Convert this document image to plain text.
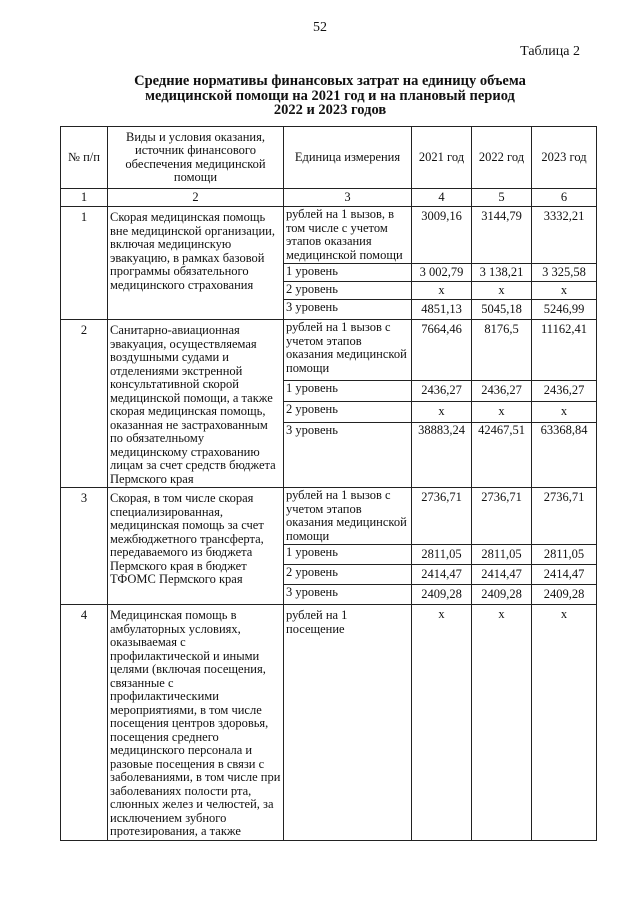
52
Таблица 2
Средние нормативы финансовых затрат на единицу объема
медицинской помощи на 2021 год и на плановый период
2022 и 2023 годов
№ п/п	Виды и условия оказания, источник финансового обеспечения медицинской помощи	Единица измерения	2021 год	2022 год	2023 год
1	2	3	4	5	6
1	Скорая медицинская помощь вне медицинской организации, включая медицинскую эвакуацию, в рамках базовой программы обязательного медицинского страхования	рублей на 1 вызов, в том числе с учетом этапов оказания медицинской помощи	3009,16	3144,79	3332,21
		1 уровень	3 002,79	3 138,21	3 325,58
		2 уровень	х	х	х
		3 уровень	4851,13	5045,18	5246,99
2	Санитарно-авиационная эвакуация, осуществляемая воздушными судами и отделениями экстренной консультативной скорой медицинской помощи, а также скорая медицинская помощь, оказанная не застрахованным по обязателньому медицинскому страхованию лицам за счет средств бюджета Пермского края	рублей на 1 вызов с учетом этапов оказания медицинской помощи	7664,46	8176,5	11162,41
		1 уровень	2436,27	2436,27	2436,27
		2 уровень	х	х	х
		3 уровень	38883,24	42467,51	63368,84
3	Скорая, в том числе скорая специализированная, медицинская помощь за счет межбюджетного трансферта, передаваемого из бюджета Пермского края в бюджет ТФОМС Пермского края	рублей на 1 вызов с учетом этапов оказания медицинской помощи	2736,71	2736,71	2736,71
		1 уровень	2811,05	2811,05	2811,05
		2 уровень	2414,47	2414,47	2414,47
		3 уровень	2409,28	2409,28	2409,28
4	Медицинская помощь в амбулаторных условиях, оказываемая с профилактической и иными целями (включая посещения, связанные с профилактическими мероприятиями, в том числе посещения центров здоровья, посещения среднего медицинского персонала и разовые посещения в связи с заболеваниями, в том числе при заболеваниях полости рта, слюнных желез и челюстей, за исключением зубного протезирования, а также	рублей на 1 посещение	х	х	х
